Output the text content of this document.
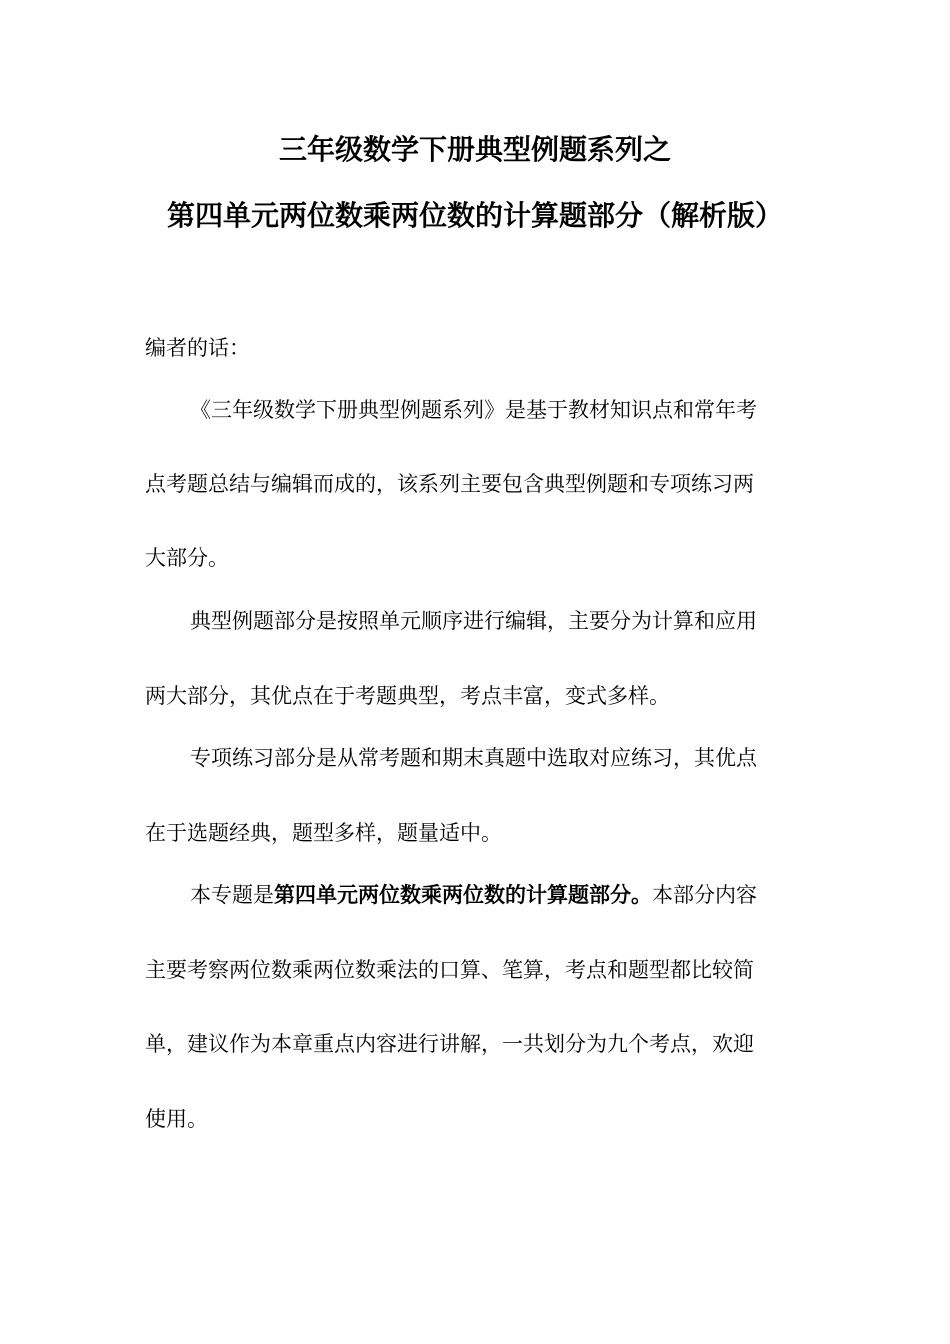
三年级数学下册典型例题系列之
第四单元两位数乘两位数的计算题部分（解析版）
编者的话：
《三年级数学下册典型例题系列》是基于教材知识点和常年考
点考题总结与编辑而成的，该系列主要包含典型例题和专项练习两
大部分。
典型例题部分是按照单元顺序进行编辑，主要分为计算和应用
两大部分，其优点在于考题典型，考点丰富，变式多样。
专项练习部分是从常考题和期末真题中选取对应练习，其优点
在于选题经典，题型多样，题量适中。
本专题是第四单元两位数乘两位数的计算题部分。本部分内容
主要考察两位数乘两位数乘法的口算、笔算，考点和题型都比较简
单，建议作为本章重点内容进行讲解，一共划分为九个考点，欢迎
使用。
